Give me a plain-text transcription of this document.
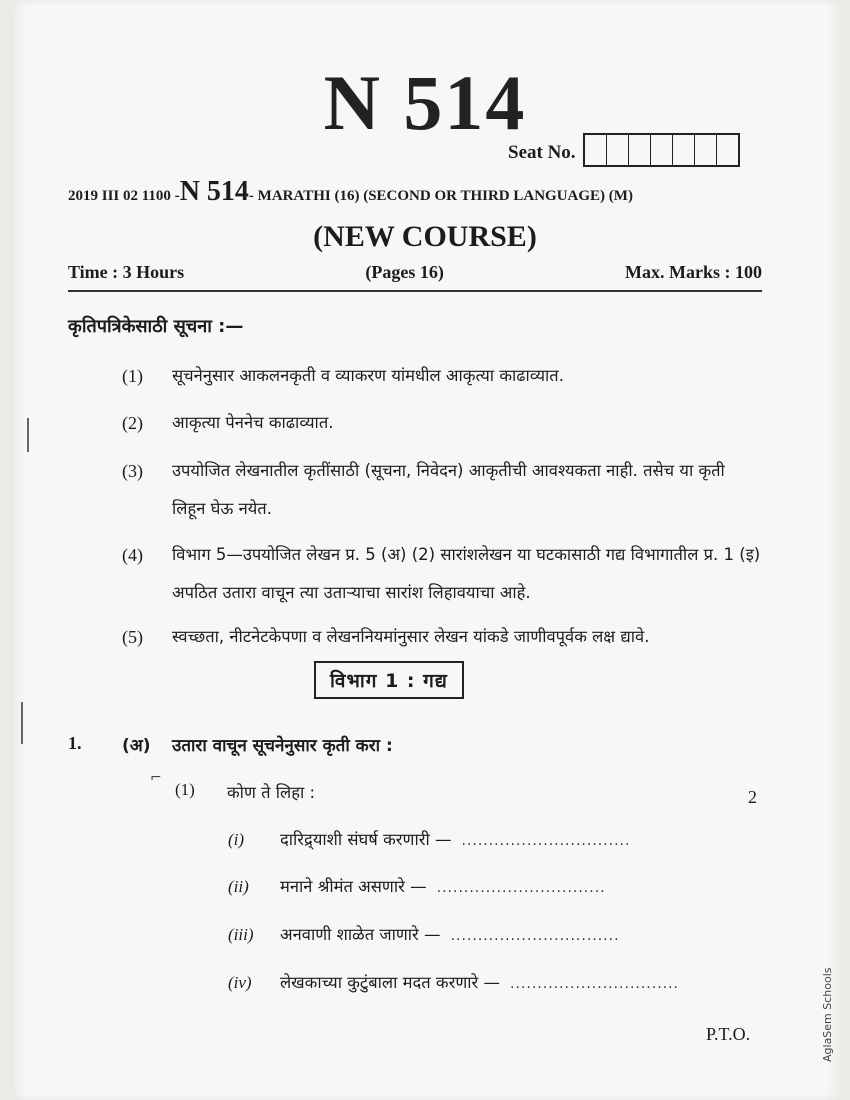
N 514
Seat No.
2019 III 02 1100 -N 514- MARATHI (16) (SECOND OR THIRD LANGUAGE) (M)
(NEW COURSE)
Time : 3 Hours	(Pages 16)	Max. Marks : 100
कृतिपत्रिकेसाठी सूचना :—
(1)	सूचनेनुसार आकलनकृती व व्याकरण यांमधील आकृत्या काढाव्यात.
(2)	आकृत्या पेननेच काढाव्यात.
(3)	उपयोजित लेखनातील कृतींसाठी (सूचना, निवेदन) आकृतीची आवश्यकता नाही. तसेच या कृती लिहून घेऊ नयेत.
(4)	विभाग 5—उपयोजित लेखन प्र. 5 (अ) (2) सारांशलेखन या घटकासाठी गद्य विभागातील प्र. 1 (इ) अपठित उतारा वाचून त्या उताऱ्याचा सारांश लिहावयाचा आहे.
(5)	स्वच्छता, नीटनेटकेपणा व लेखननियमांनुसार लेखन यांकडे जाणीवपूर्वक लक्ष द्यावे.
विभाग 1 : गद्य
1.	(अ)	उतारा वाचून सूचनेनुसार कृती करा :
⌐
(1)	कोण ते लिहा :	2
(i)	दारिद्र्याशी संघर्ष करणारी — ...............................
(ii)	मनाने श्रीमंत असणारे — ...............................
(iii)	अनवाणी शाळेत जाणारे — ...............................
(iv)	लेखकाच्या कुटुंबाला मदत करणारे — ...............................
P.T.O.	AglaSem Schools
